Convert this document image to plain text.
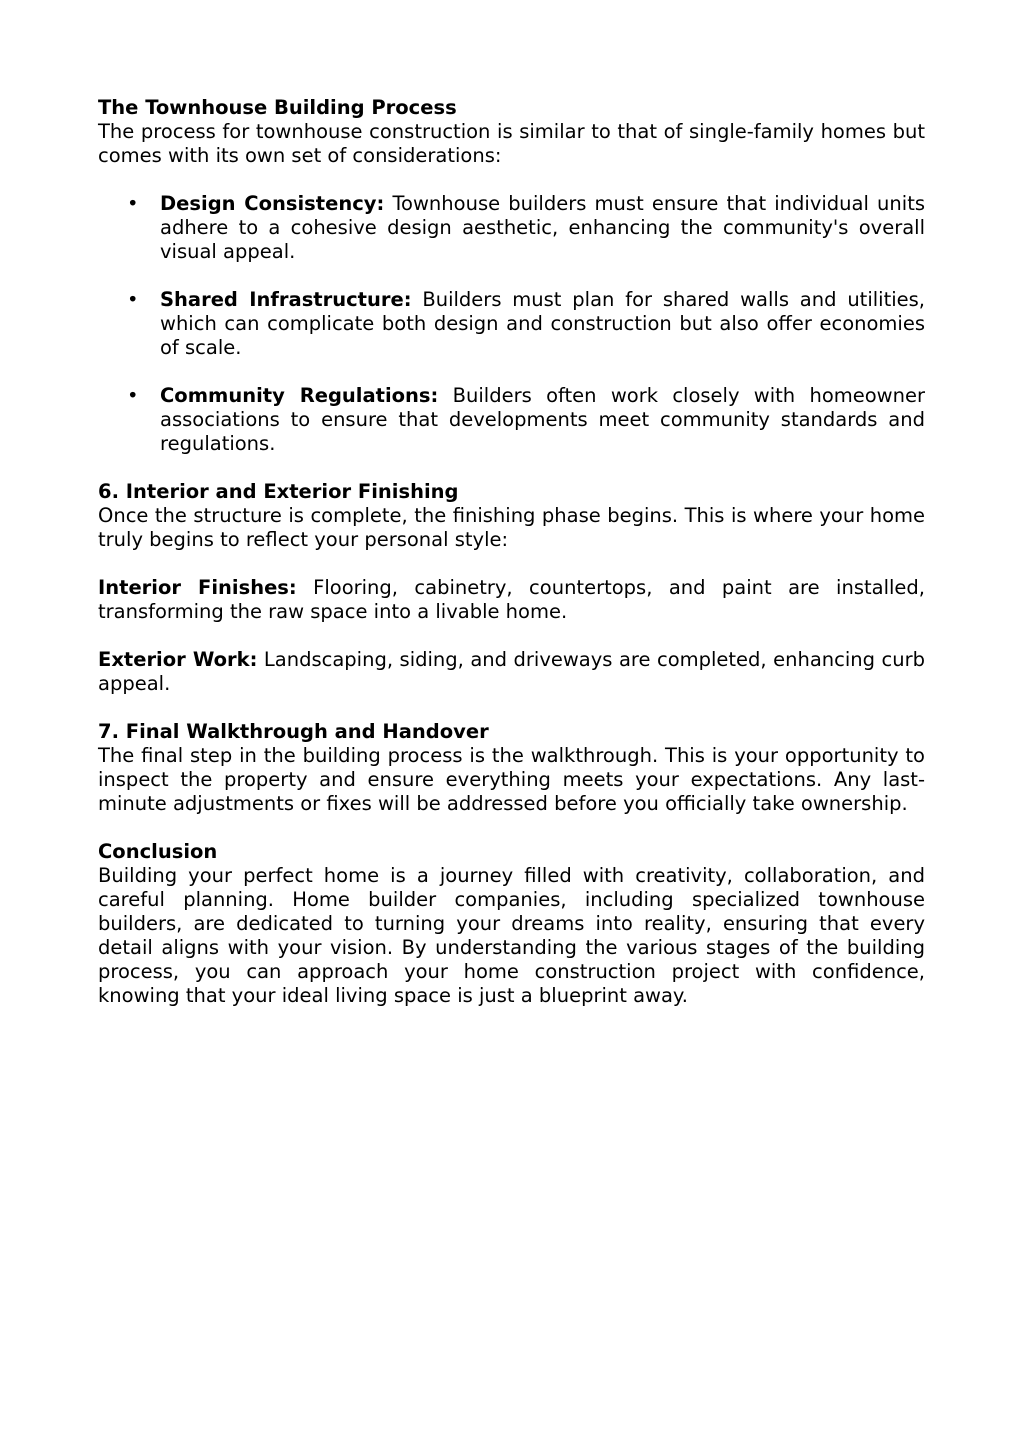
The Townhouse Building Process

The process for townhouse construction is similar to that of single-family homes but comes with its own set of considerations:

• Design Consistency: Townhouse builders must ensure that individual units adhere to a cohesive design aesthetic, enhancing the community's overall visual appeal.
• Shared Infrastructure: Builders must plan for shared walls and utilities, which can complicate both design and construction but also offer economies of scale.
• Community Regulations: Builders often work closely with homeowner associations to ensure that developments meet community standards and regulations.

6. Interior and Exterior Finishing

Once the structure is complete, the finishing phase begins. This is where your home truly begins to reflect your personal style:

Interior Finishes: Flooring, cabinetry, countertops, and paint are installed, transforming the raw space into a livable home.

Exterior Work: Landscaping, siding, and driveways are completed, enhancing curb appeal.

7. Final Walkthrough and Handover

The final step in the building process is the walkthrough. This is your opportunity to inspect the property and ensure everything meets your expectations. Any last-minute adjustments or fixes will be addressed before you officially take ownership.

Conclusion

Building your perfect home is a journey filled with creativity, collaboration, and careful planning. Home builder companies, including specialized townhouse builders, are dedicated to turning your dreams into reality, ensuring that every detail aligns with your vision. By understanding the various stages of the building process, you can approach your home construction project with confidence, knowing that your ideal living space is just a blueprint away.
